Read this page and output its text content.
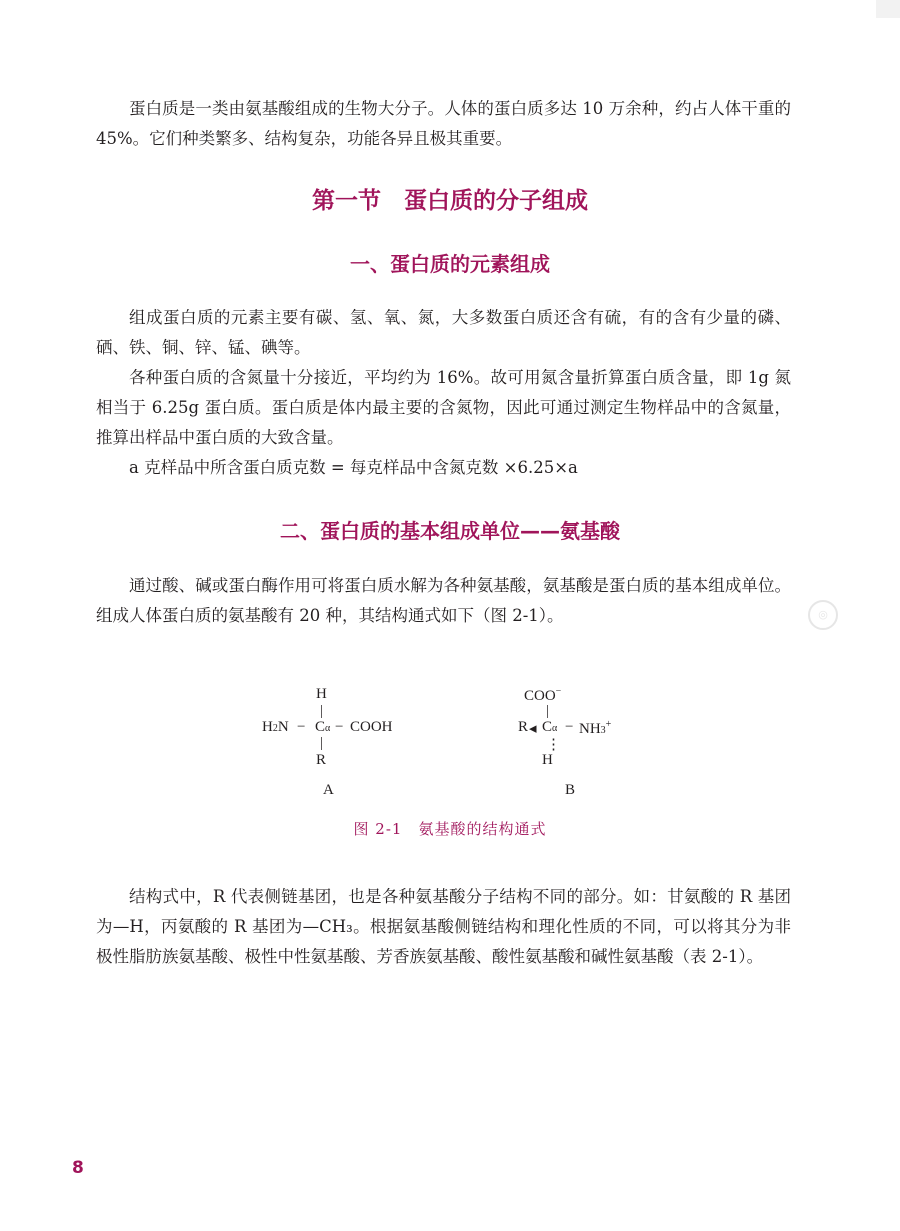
蛋白质是一类由氨基酸组成的生物大分子。人体的蛋白质多达 10 万余种，约占人体干重的 45%。它们种类繁多、结构复杂，功能各异且极其重要。

第一节　蛋白质的分子组成
一、蛋白质的元素组成

组成蛋白质的元素主要有碳、氢、氧、氮，大多数蛋白质还含有硫，有的含有少量的磷、硒、铁、铜、锌、锰、碘等。

各种蛋白质的含氮量十分接近，平均约为 16%。故可用氮含量折算蛋白质含量，即 1g 氮相当于 6.25g 蛋白质。蛋白质是体内最主要的含氮物，因此可通过测定生物样品中的含氮量，推算出样品中蛋白质的大致含量。

a 克样品中所含蛋白质克数 = 每克样品中含氮克数 ×6.25×a

二、蛋白质的基本组成单位——氨基酸

通过酸、碱或蛋白酶作用可将蛋白质水解为各种氨基酸，氨基酸是蛋白质的基本组成单位。组成人体蛋白质的氨基酸有 20 种，其结构通式如下（图 2-1）。	◎
H
|
H2N − Cα − COOH
|
R
A
COO−
|
R ◂ Cα − NH3+
⋮
H
B
图 2-1　氨基酸的结构通式

结构式中，R 代表侧链基团，也是各种氨基酸分子结构不同的部分。如：甘氨酸的 R 基团为—H，丙氨酸的 R 基团为—CH₃。根据氨基酸侧链结构和理化性质的不同，可以将其分为非极性脂肪族氨基酸、极性中性氨基酸、芳香族氨基酸、酸性氨基酸和碱性氨基酸（表 2-1）。

8
